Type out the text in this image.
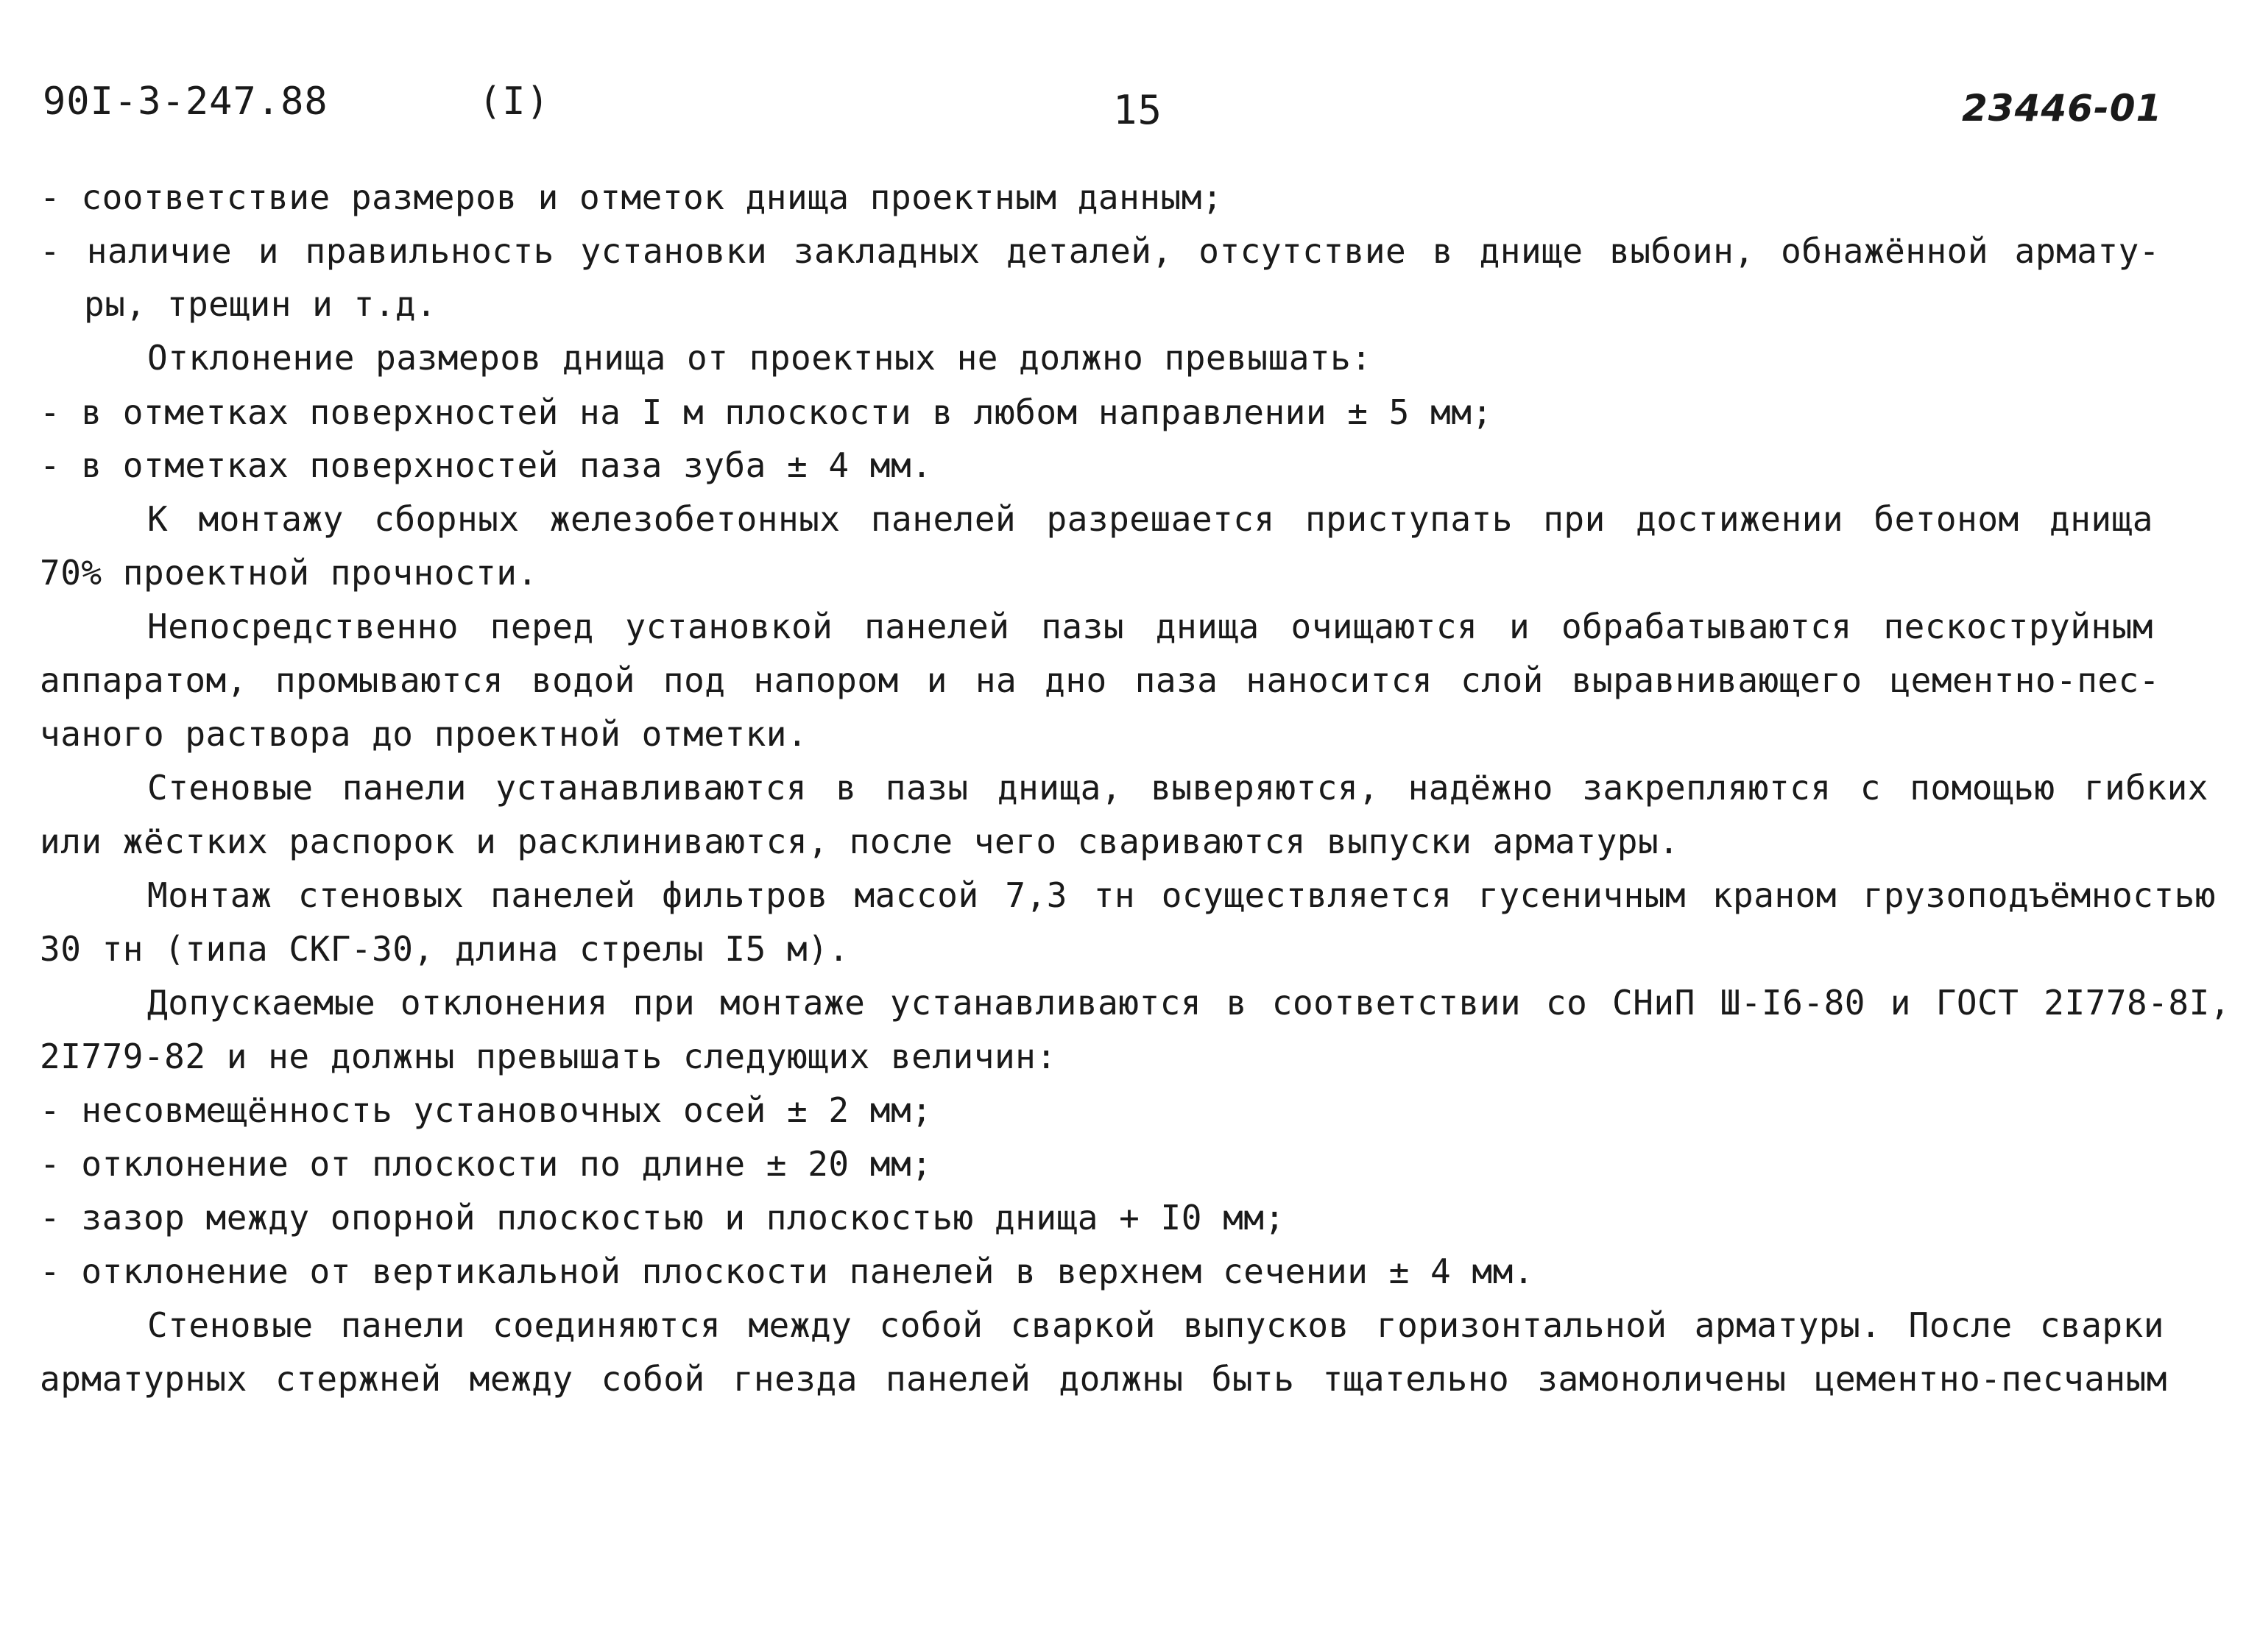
90I-3-247.88	(I)	15	23446-01
- соответствие размеров и отметок днища проектным данным;
- наличие и правильность установки закладных деталей, отсутствие в днище выбоин, обнажённой армату-
ры, трещин и т.д.
Отклонение размеров днища от проектных не должно превышать:
- в отметках поверхностей на I м плоскости в любом направлении ± 5 мм;
- в отметках поверхностей паза зуба ± 4 мм.
К монтажу сборных железобетонных панелей разрешается приступать при достижении бетоном днища
70% проектной прочности.
Непосредственно перед установкой панелей пазы днища очищаются и обрабатываются пескоструйным
аппаратом, промываются водой под напором и на дно паза наносится слой выравнивающего цементно-пес-
чаного раствора до проектной отметки.
Стеновые панели устанавливаются в пазы днища, выверяются, надёжно закрепляются с помощью гибких
или жёстких распорок и расклиниваются, после чего свариваются выпуски арматуры.
Монтаж стеновых панелей фильтров массой 7,3 тн осуществляется гусеничным краном грузоподъёмностью
30 тн (типа СКГ-30, длина стрелы I5 м).
Допускаемые отклонения при монтаже устанавливаются в соответствии со СНиП Ш-I6-80 и ГОСТ 2I778-8I,
2I779-82 и не должны превышать следующих величин:
- несовмещённость установочных осей ± 2 мм;
- отклонение от плоскости по длине ± 20 мм;
- зазор между опорной плоскостью и плоскостью днища + I0 мм;
- отклонение от вертикальной плоскости панелей в верхнем сечении ± 4 мм.
Стеновые панели соединяются между собой сваркой выпусков горизонтальной арматуры. После сварки
арматурных стержней между собой гнезда панелей должны быть тщательно замоноличены цементно-песчаным
